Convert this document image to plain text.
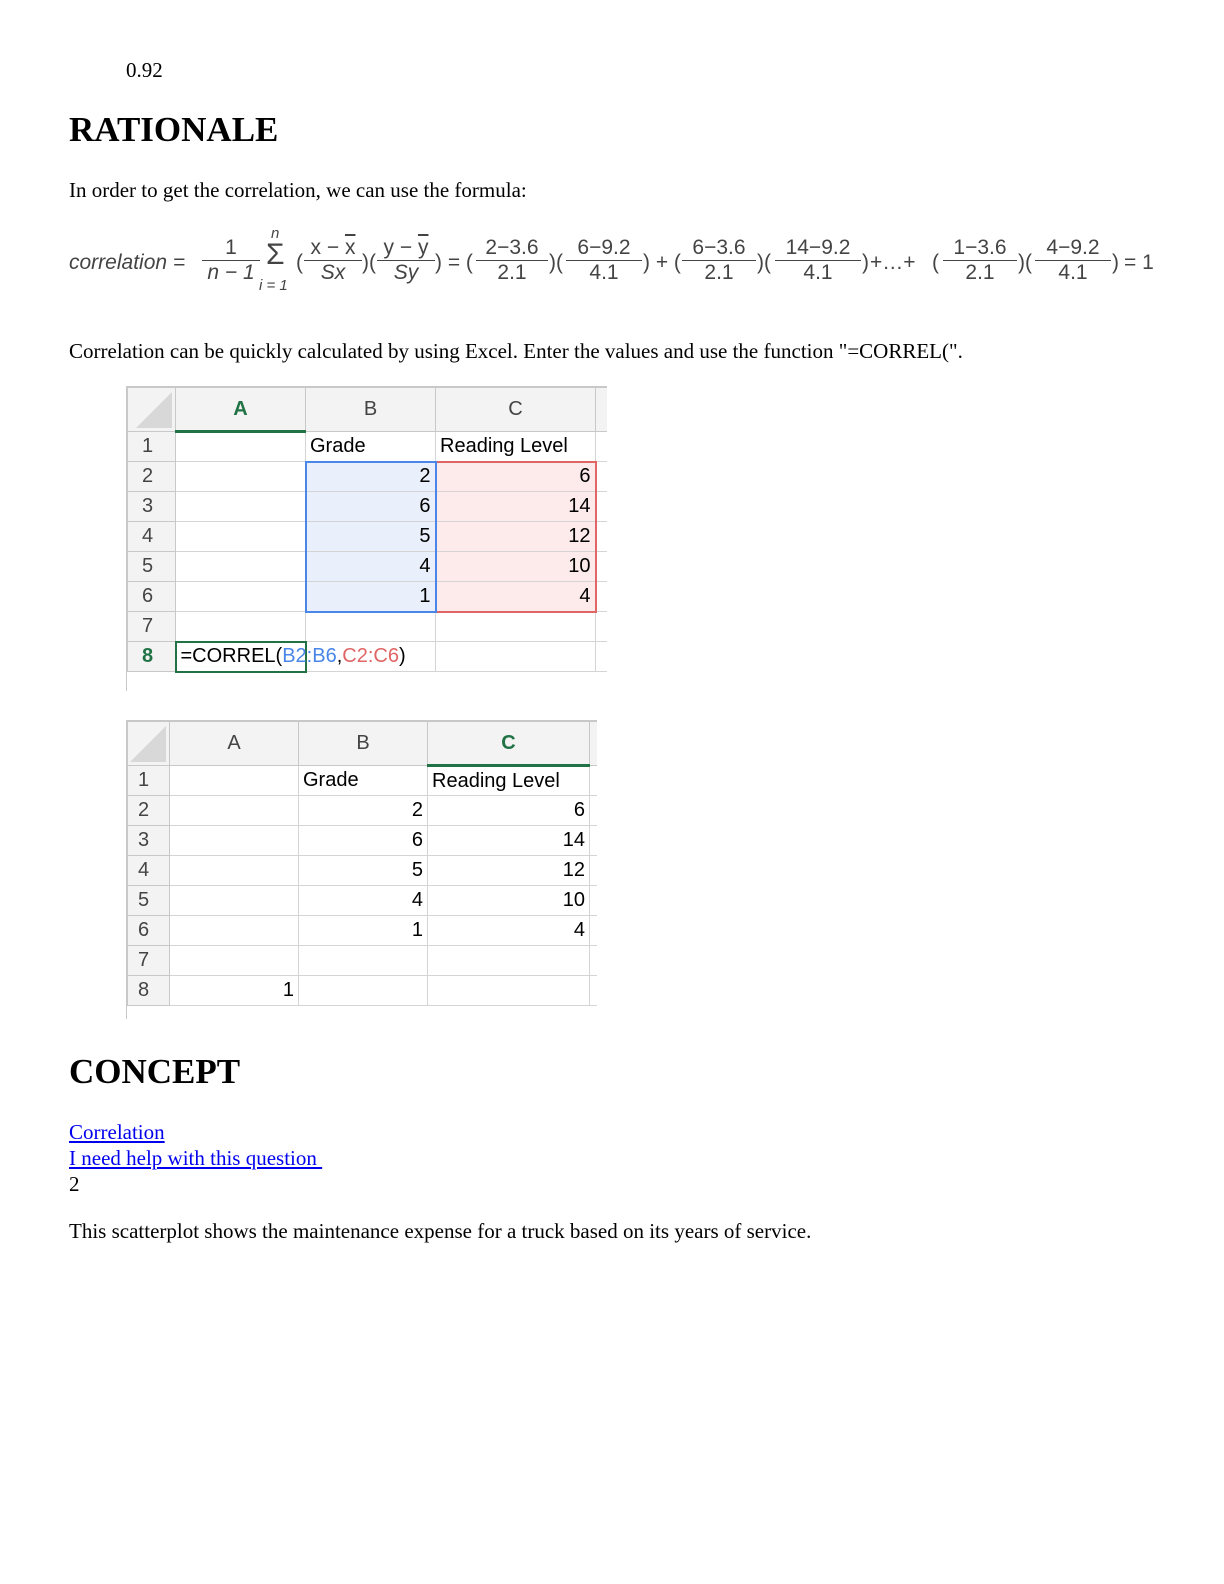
0.92
RATIONALE
In order to get the correlation, we can use the formula:
correlation = $\frac{1}{n - 1}$
n
Σ
i = 1
( $\frac{x - \overline{x}}{Sx}$ )( $\frac{y - \overline{y}}{Sy}$ ) = ( $\frac{2-3.6}{2.1}$ )( $\frac{6-9.2}{4.1}$ ) + ( $\frac{6-3.6}{2.1}$ )( $\frac{14-9.2}{4.1}$ ) +…+ ( $\frac{1-3.6}{2.1}$ )( $\frac{4-9.2}{4.1}$ ) = 1
Correlation can be quickly calculated by using Excel. Enter the values and use the function "=CORREL(".
	A	B	C	
1		Grade	Reading Level	
2		2	6	
3		6	14	
4		5	12	
5		4	10	
6		1	4	
7				
8	=CORREL(B2:B6,C2:C6)			

	A	B	C	
1		Grade	Reading Level	
2		2	6	
3		6	14	
4		5	12	
5		4	10	
6		1	4	
7				
8	1			
CONCEPT
Correlation
I need help with this question
2
This scatterplot shows the maintenance expense for a truck based on its years of service.
